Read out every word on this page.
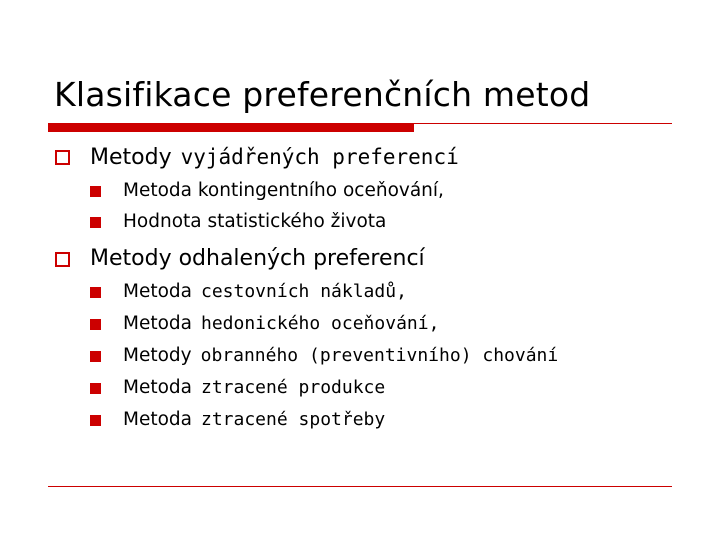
Klasifikace preferenčních metod
Metody vyjádřených preferencí
Metoda kontingentního oceňování,
Hodnota statistického života
Metody odhalených preferencí
Metoda cestovních nákladů,
Metoda hedonického oceňování,
Metody obranného (preventivního) chování
Metoda ztracené produkce
Metoda ztracené spotřeby
